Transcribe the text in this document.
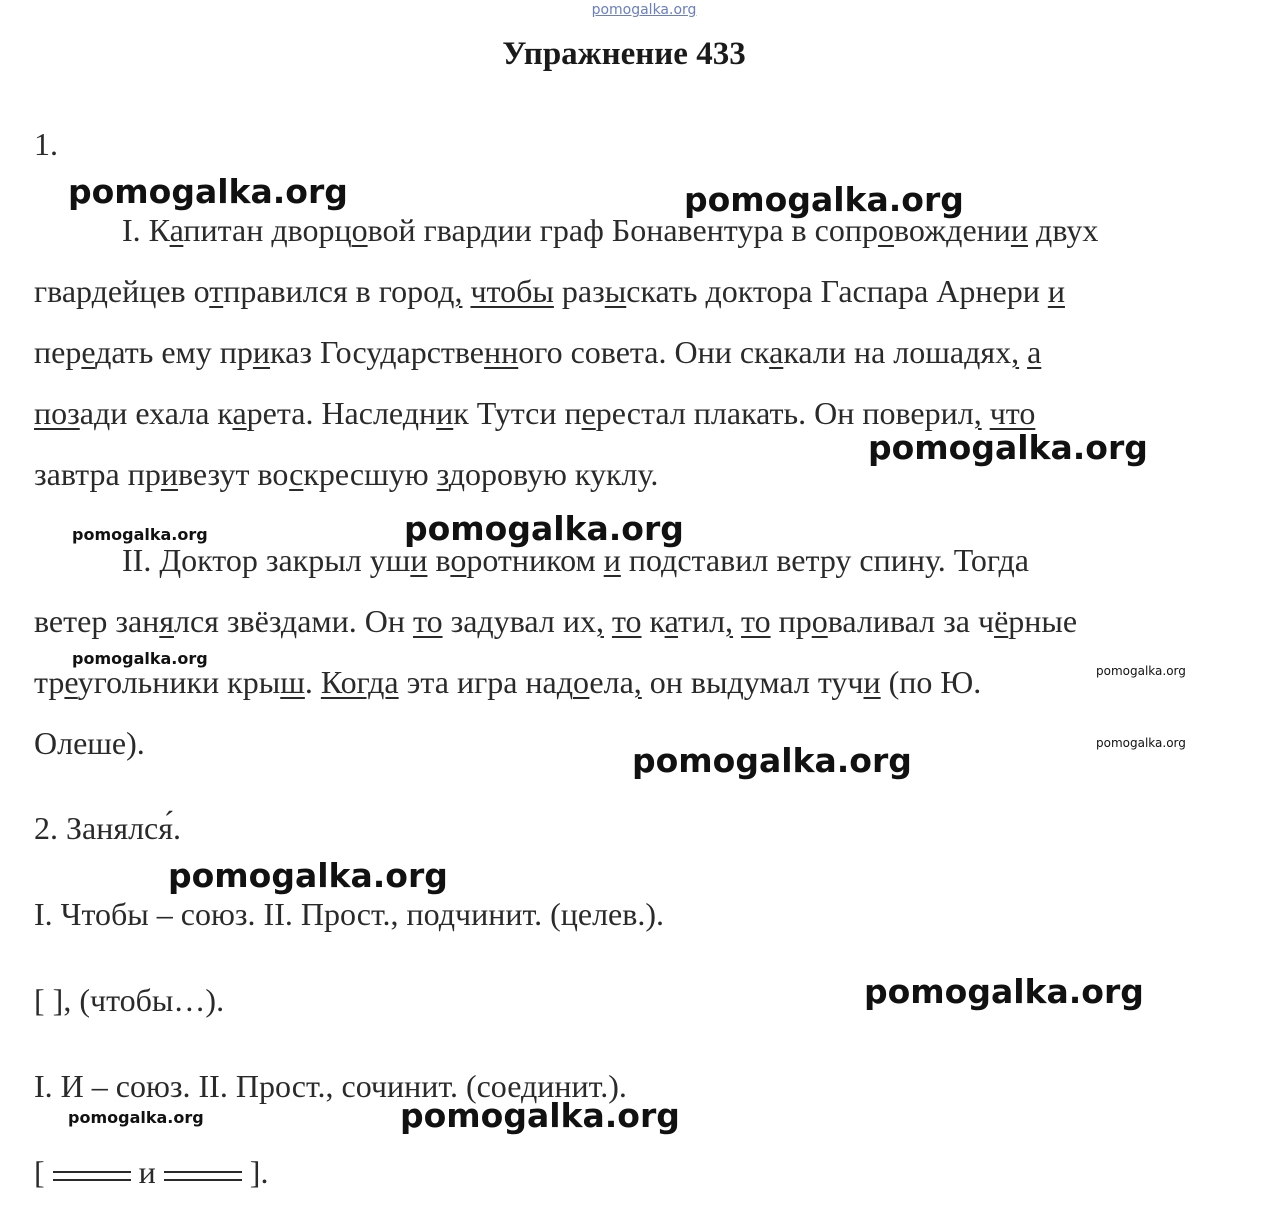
pomogalka.org
Упражнение 433
1.
I. Капитан дворцовой гвардии граф Бонавентура в сопровождении двух
гвардейцев отправился в город, чтобы разыскать доктора Гаспара Арнери и
передать ему приказ Государственного совета. Они скакали на лошадях, а
позади ехала карета. Наследник Тутси перестал плакать. Он поверил, что
завтра привезут воскресшую здоровую куклу.
II. Доктор закрыл уши воротником и подставил ветру спину. Тогда
ветер занялся звёздами. Он то задувал их, то катил, то проваливал за чёрные
треугольники крыш. Когда эта игра надоела, он выдумал тучи (по Ю.
Олеше).
2. Занялся́.
I. Чтобы – союз. II. Прост., подчинит. (целев.).
[ ], (чтобы…).
I. И – союз. II. Прост., сочинит. (соединит.).
[	и	].
pomogalka.org	pomogalka.org
pomogalka.org
pomogalka.org	pomogalka.org
pomogalka.org
pomogalka.org
pomogalka.org
pomogalka.org
pomogalka.org
pomogalka.org
pomogalka.org	pomogalka.org
